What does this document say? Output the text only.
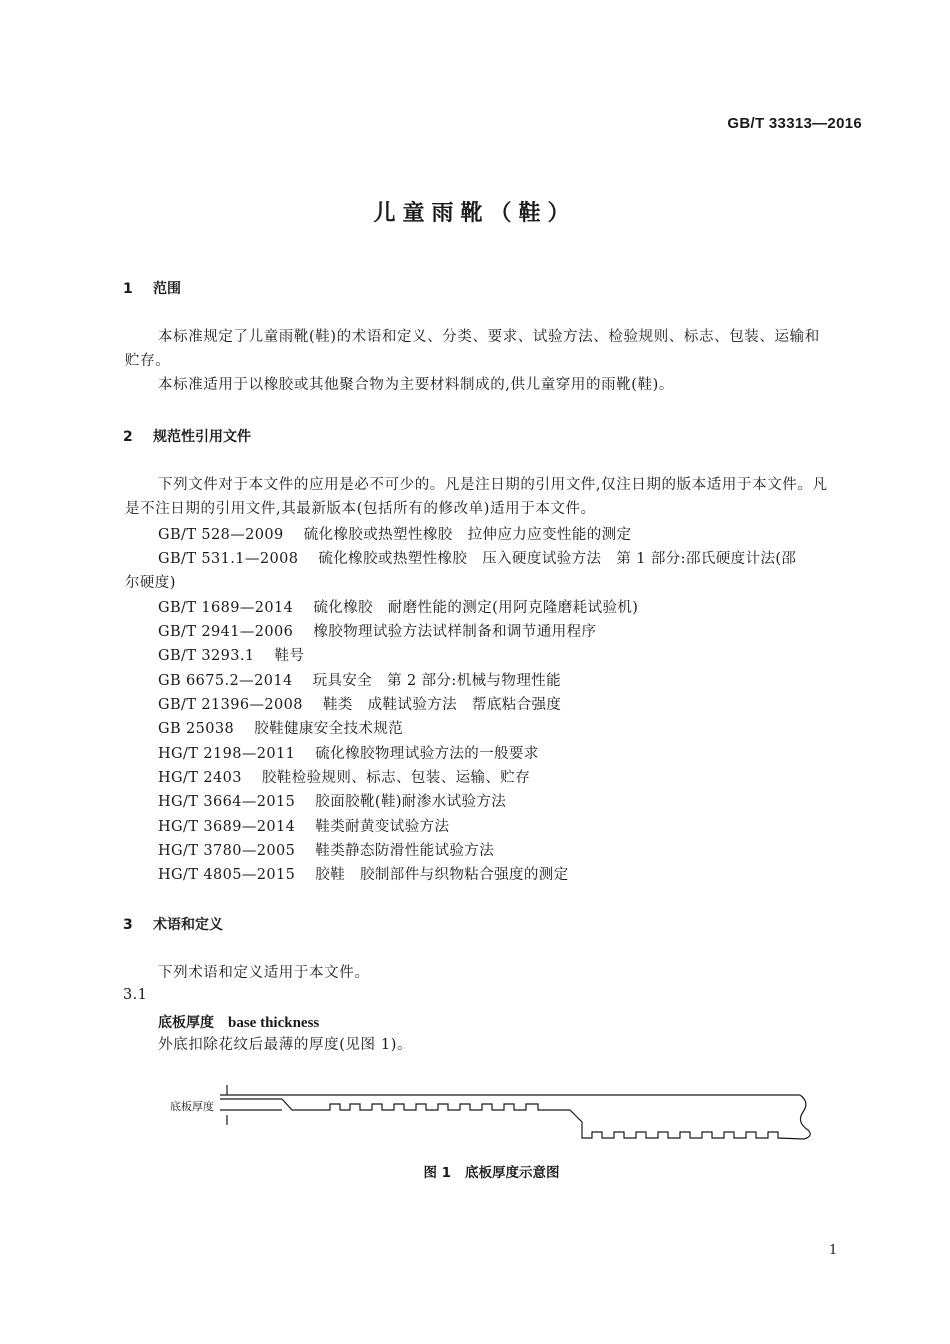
GB/T 33313—2016
儿童雨靴（鞋）
1 范围
本标准规定了儿童雨靴(鞋)的术语和定义、分类、要求、试验方法、检验规则、标志、包装、运输和贮存。
本标准适用于以橡胶或其他聚合物为主要材料制成的,供儿童穿用的雨靴(鞋)。
2 规范性引用文件
下列文件对于本文件的应用是必不可少的。凡是注日期的引用文件,仅注日期的版本适用于本文件。凡是不注日期的引用文件,其最新版本(包括所有的修改单)适用于本文件。
GB/T 528—2009 硫化橡胶或热塑性橡胶　拉伸应力应变性能的测定
GB/T 531.1—2008 硫化橡胶或热塑性橡胶　压入硬度试验方法　第 1 部分:邵氏硬度计法(邵
尔硬度)
GB/T 1689—2014 硫化橡胶　耐磨性能的测定(用阿克隆磨耗试验机)
GB/T 2941—2006 橡胶物理试验方法试样制备和调节通用程序
GB/T 3293.1 鞋号
GB 6675.2—2014 玩具安全　第 2 部分:机械与物理性能
GB/T 21396—2008 鞋类　成鞋试验方法　帮底粘合强度
GB 25038 胶鞋健康安全技术规范
HG/T 2198—2011 硫化橡胶物理试验方法的一般要求
HG/T 2403 胶鞋检验规则、标志、包装、运输、贮存
HG/T 3664—2015 胶面胶靴(鞋)耐渗水试验方法
HG/T 3689—2014 鞋类耐黄变试验方法
HG/T 3780—2005 鞋类静态防滑性能试验方法
HG/T 4805—2015 胶鞋　胶制部件与织物粘合强度的测定
3 术语和定义
下列术语和定义适用于本文件。
3.1
底板厚度 base thickness
外底扣除花纹后最薄的厚度(见图 1)。
底板厚度
图 1 底板厚度示意图
1
